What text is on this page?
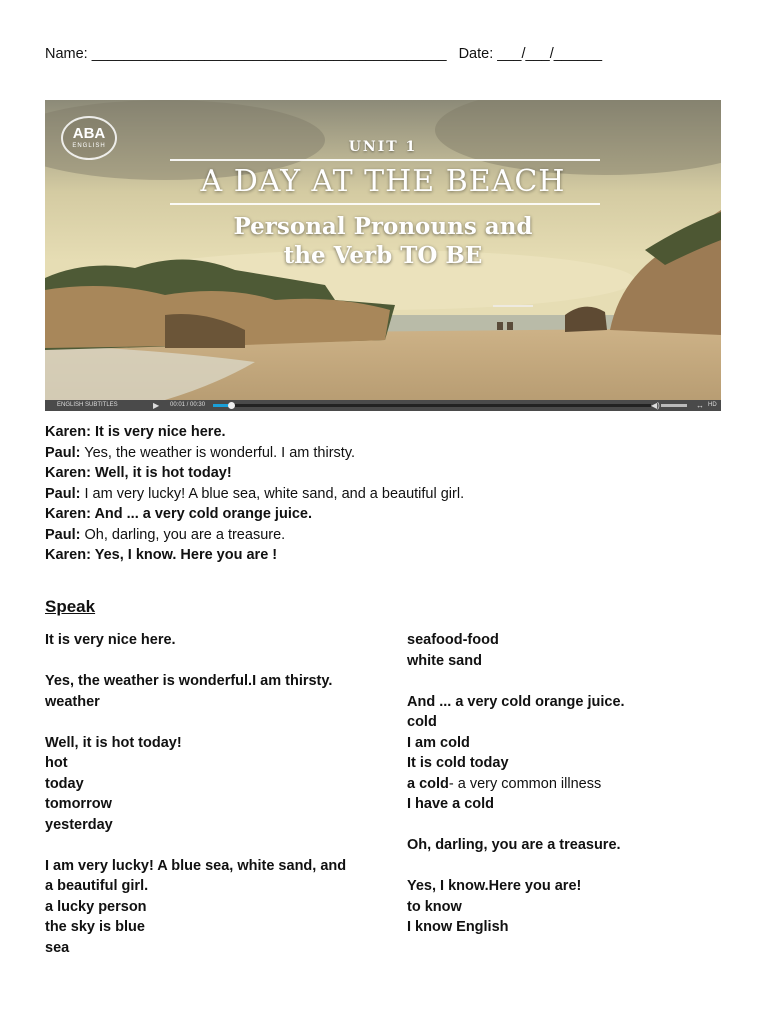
Name: ____________________________________________ Date: ___/___/______
ABA
ENGLISH	UNIT 1
A DAY AT THE BEACH
Personal Pronouns and
the Verb TO BE
ENGLISH SUBTITLES	▶ 00:01 / 00:30	◀)	↔ HD
Karen: It is very nice here.
Paul: Yes, the weather is wonderful. I am thirsty.
Karen: Well, it is hot today!
Paul: I am very lucky! A blue sea, white sand, and a beautiful girl.
Karen: And ... a very cold orange juice.
Paul: Oh, darling, you are a treasure.
Karen: Yes, I know. Here you are !
Speak
It is very nice here.
Yes, the weather is wonderful.I am thirsty.
weather
Well, it is hot today!
hot
today
tomorrow
yesterday
I am very lucky! A blue sea, white sand, and
a beautiful girl.
a lucky person
the sky is blue
sea
seafood-food
white sand
And ... a very cold orange juice.
cold
I am cold
It is cold today
a cold- a very common illness
I have a cold
Oh, darling, you are a treasure.
Yes, I know.Here you are!
to know
I know English
